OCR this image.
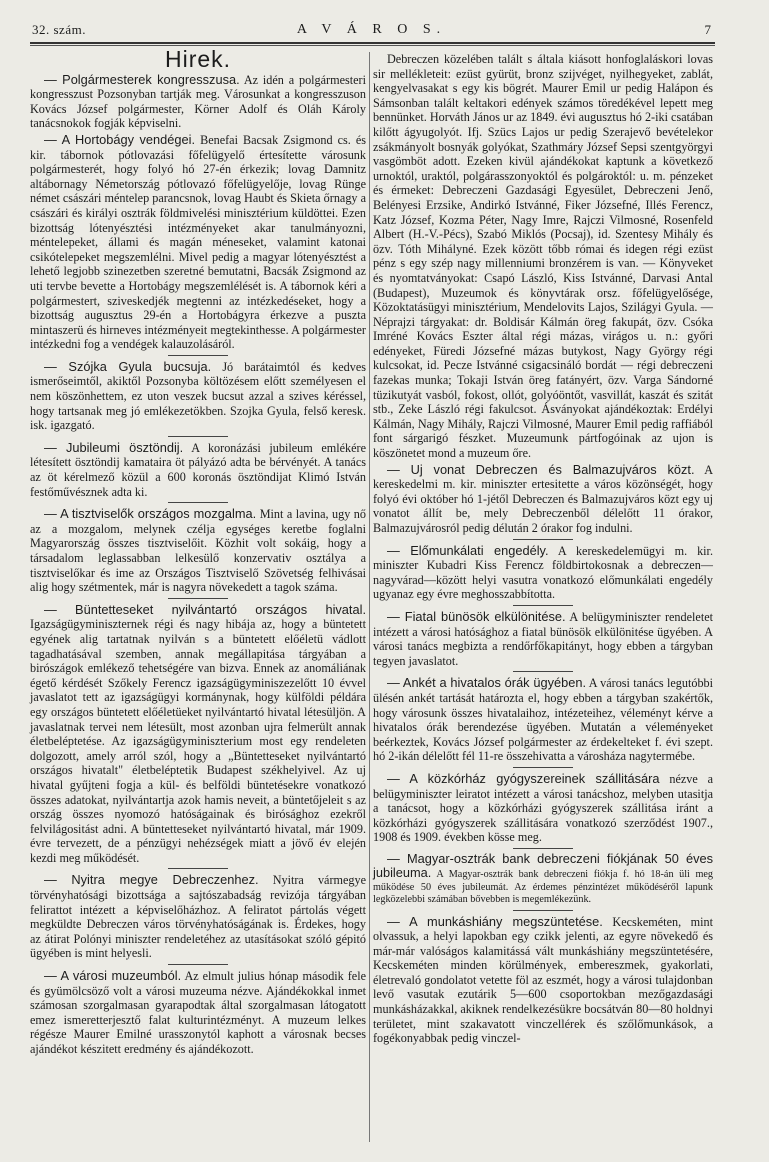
32. szám.	A V Á R O S.	7
Hirek.

— Polgármesterek kongresszusa. Az idén a polgármesteri kongresszust Pozsonyban tartják meg. Városunkat a kongresszuson Kovács József polgármester, Körner Adolf és Oláh Károly tanácsnokok fogják képviselni.

— A Hortobágy vendégei. Benefai Bacsak Zsigmond cs. és kir. tábornok pótlovazási főfelügyelő értesítette városunk polgármesterét, hogy folyó hó 27-én érkezik; lovag Damnitz altábornagy Németország pótlovazó főfelügyelője, lovag Rünge német császári méntelep parancsnok, lovag Haubt és Skieta őrnagy a császári és királyi osztrák földmivelési minisztérium küldöttei. Ezen bizottság lótenyésztési intézményeket akar tanulmányozni, méntelepeket, állami és magán méneseket, valamint katonai csikótelepeket megszemlélni. Mivel pedig a magyar lótenyésztést a lehető legjobb szinezetben szeretné bemutatni, Bacsák Zsigmond az uti tervbe bevette a Hortobágy megszemlélését is. A tábornok kéri a polgármestert, sziveskedjék megtenni az intézkedéseket, hogy a bizottság augusztus 29-én a Hortobágyra érkezve a puszta mintaszerü és hirneves intézményeit megtekinthesse. A polgármester intézkedni fog a vendégek kalauzolásáról.

— Szójka Gyula bucsuja. Jó barátaimtól és kedves ismerőseimtől, akiktől Pozsonyba költözésem előtt személyesen el nem köszönhettem, ez uton veszek bucsut azzal a szives kéréssel, hogy tartsanak meg jó emlékezetökben. Szojka Gyula, felső keresk. isk. igazgató.

— Jubileumi ösztöndij. A koronázási jubileum emlékére létesített ösztöndij kamataira öt pályázó adta be bérvényét. A tanács az öt kérelmező közül a 600 koronás ösztöndijat Klimó István festőművésznek adta ki.

— A tisztviselők országos mozgalma. Mint a lavina, ugy nő az a mozgalom, melynek czélja egységes keretbe foglalni Magyarország összes tisztviselőit. Közhit volt sokáig, hogy a társadalom leglassabban lelkesülő konzervativ osztálya a tisztviselőkar és ime az Országos Tisztviselő Szövetség felhivásai alig hogy szétmentek, már is nagyra növekedett a tagok száma.

— Büntetteseket nyilvántartó országos hivatal. Igazságügyminiszternek régi és nagy hibája az, hogy a büntetett egyének alig tartatnak nyilván s a büntetett előéletü vádlott tagadhatásával szemben, annak megállapitása tárgyában a birószágok emlékező tehetségére van bizva. Ennek az anomáliának égető kérdését Szőkely Ferencz igazságügyminiszezelőtt 10 évvel javaslatot tett az igazságügyi kormánynak, hogy külföldi példára egy országos büntetett előéletüeket nyilvántartó hivatal létesüljön. A javaslatnak tervei nem létesült, most azonban ujra felmerült annak életbeléptetése. Az igazságügyminiszterium most egy rendeleten dolgozott, amely arról szól, hogy a „Büntetteseket nyilvántartó országos hivatalt" életbeléptetik Budapest székhelyivel. Az uj hivatal gyűjteni fogja a kül- és belföldi büntetésekre vonatkozó összes adatokat, nyilvántartja azok hamis neveit, a büntetőjeleit s az ország összes nyomozó hatóságainak és birósághoz ezekről felvilágositást adni. A büntetteseket nyilvántartó hivatal, már 1909. évre tervezett, de a pénzügyi nehézségek miatt a jövő év elején kezdi meg működését.

— Nyitra megye Debreczenhez. Nyitra vármegye törvényhatósági bizottsága a sajtószabadság revizója tárgyában felirattot intézett a képviselőházhoz. A feliratot pártolás végett megküldte Debreczen város törvényhatóságának is. Érdekes, hogy az átirat Polónyi miniszter rendeletéhez az utasításokat szóló gépitó ügyében is mint helyesli.

— A városi muzeumból. Az elmult julius hónap második fele és gyümölcsöző volt a városi muzeuma nézve. Ajándékokkal inmet számosan szorgalmasan gyarapodtak által szorgalmasan látogatott emez ismeretterjesztő falat kulturintézményt. A muzeum lelkes régésze Maurer Emilné urasszonytól kaphott a városnak becses ajándékot készitett eredmény és ajándékozott.

Debreczen közelében talált s általa kiásott honfoglaláskori lovas sir mellékleteit: ezüst gyürüt, bronz szijvéget, nyilhegyeket, zablát, kengyelvasakat s egy kis bögrét. Maurer Emil ur pedig Halápon és Sámsonban talált keltakori edények számos töredékével lepett meg bennünket. Horváth János ur az 1849. évi augusztus hó 2-iki csatában kilőtt ágyugolyót. Ifj. Szücs Lajos ur pedig Szerajevő bevételekor zsákmányolt bosnyák golyókat, Szathmáry József Sepsi szentgyörgyi vasgömböt adott. Ezeken kivül ajándékokat kaptunk a következő urnoktól, uraktól, polgárasszonyoktól és polgároktól: u. m. pénzeket és érmeket: Debreczeni Gazdasági Egyesület, Debreczeni Jenő, Belényesi Erzsike, Andirkó Istvánné, Fiker Józsefné, Illés Ferencz, Katz József, Kozma Péter, Nagy Imre, Rajczi Vilmosné, Rosenfeld Albert (H.-V.-Pécs), Szabó Miklós (Pocsaj), id. Szentesy Mihály és özv. Tóth Mihályné. Ezek között tőbb római és idegen régi ezüst pénz s egy szép nagy millenniumi bronzérem is van. — Könyveket és nyomtatványokat: Csapó László, Kiss Istvánné, Darvasi Antal (Budapest), Muzeumok és könyvtárak orsz. főfelügyelősége, Közoktatásügyi minisztérium, Mendelovits Lajos, Szilágyi Gyula. — Néprajzi tárgyakat: dr. Boldisár Kálmán öreg fakupát, özv. Csóka Imréné Kovács Eszter által régi mázas, virágos u. n.: győri edényeket, Füredi Józsefné mázas butykost, Nagy György régi kulcsokat, id. Pecze Istvánné csigacsináló bordát — régi debreczeni fazekas munka; Tokaji István öreg fatányért, özv. Varga Sándorné tüzikutyát vasból, fokost, ollót, golyóöntőt, vasvillát, kaszát és szitát stb., Zeke László régi fakulcsot. Ásványokat ajándékoztak: Erdélyi Kálmán, Nagy Mihály, Rajczi Vilmosné, Maurer Emil pedig raffiából font sárgarigó fészket. Muzeumunk pártfogóinak az ujon is köszönetet mond a muzeum őre.

— Uj vonat Debreczen és Balmazujváros közt. A kereskedelmi m. kir. miniszter ertesitette a város közönségét, hogy folyó évi október hó 1-jétől Debreczen és Balmazujváros közt egy uj vonatot állít be, mely Debreczenből délelőtt 11 órakor, Balmazujvárosról pedig délután 2 órakor fog indulni.

— Előmunkálati engedély. A kereskedelemügyi m. kir. miniszter Kubadri Kiss Ferencz földbirtokosnak a debreczen—nagyvárad—között helyi vasutra vonatkozó előmunkálati engedély ugyanaz egy évre meghosszabbította.

— Fiatal bünösök elkülönitése. A belügyminiszter rendeletet intézett a városi hatósághoz a fiatal bünösök elkülönitése ügyében. A városi tanács megbizta a rendőrfőkapitányt, hogy ebben a tárgyban tegyen javaslatot.

— Ankét a hivatalos órák ügyében. A városi tanács legutóbbi ülésén ankét tartását határozta el, hogy ebben a tárgyban szakértők, hogy városunk összes hivatalaihoz, intézeteihez, véleményt kérve a hivatalos órák berendezése ügyében. Mutatán a véleményeket beérkeztek, Kovács József polgármester az érdekelteket f. évi szept. hó 2-ikán délelőtt fél 11-re összehivatta a városháza nagytermébe.

— A közkórház gyógyszereinek szállitására nézve a belügyminiszter leiratot intézett a városi tanácshoz, melyben utasitja a tanácsot, hogy a közkórházi gyógyszerek szállitása iránt a közkórházi gyógyszerek szállitására vonatkozó szerződést 1907., 1908 és 1909. években kösse meg.

— Magyar-osztrák bank debreczeni fiókjának 50 éves jubileuma. A Magyar-osztrák bank debreczeni fiókja f. hó 18-án üli meg működése 50 éves jubileumát. Az érdemes pénzintézet működéséről lapunk legközelebbi számában bővebben is megemlékezünk.

— A munkáshiány megszüntetése. Kecskeméten, mint olvassuk, a helyi lapokban egy czikk jelenti, az egyre növekedő és már-már valóságos kalamitássá vált munkáshiány megszüntetésére, Kecskeméten minden körülmények, embereszmek, gyakorlati, életrevaló gondolatot vetette föl az eszmét, hogy a városi tulajdonban levő vasutak ezutárik 5—600 csoportokban mezőgazdasági munkásházakkal, akiknek rendelkezésükre bocsátván 80—80 holdnyi területet, mint szakavatott vinczellérek és szőlőmunkások, a fogékonyabbak pedig vinczel-
